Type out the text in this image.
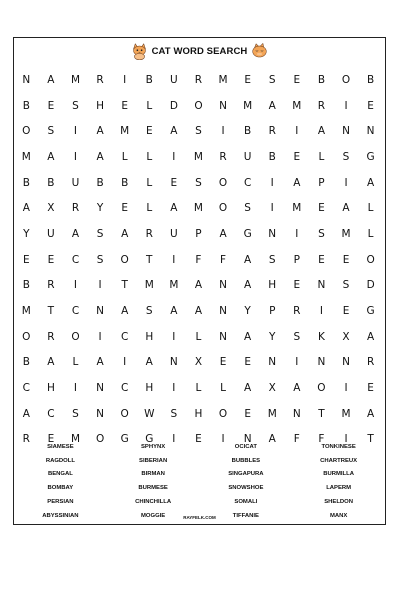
CAT WORD SEARCH
N	A	M	R	I	B	U	R	M	E	S	E	B	O	B
B	E	S	H	E	L	D	O	N	M	A	M	R	I	E
O	S	I	A	M	E	A	S	I	B	R	I	A	N	N
M	A	I	A	L	L	I	M	R	U	B	E	L	S	G
B	B	U	B	B	L	E	S	O	C	I	A	P	I	A
A	X	R	Y	E	L	A	M	O	S	I	M	E	A	L
Y	U	A	S	A	R	U	P	A	G	N	I	S	M	L
E	E	C	S	O	T	I	F	F	A	S	P	E	E	O
B	R	I	I	T	M	M	A	N	A	H	E	N	S	D
M	T	C	N	A	S	A	A	N	Y	P	R	I	E	G
O	R	O	I	C	H	I	L	N	A	Y	S	K	X	A
B	A	L	A	I	A	N	X	E	E	N	I	N	N	R
C	H	I	N	C	H	I	L	L	A	X	A	O	I	E
A	C	S	N	O	W	S	H	O	E	M	N	T	M	A
R	E	M	O	G	G	I	E	I	N	A	F	F	I	T
SIAMESE	SPHYNX	OCICAT	TONKINESE
RAGDOLL	SIBERIAN	BUBBLES	CHARTREUX
BENGAL	BIRMAN	SINGAPURA	BURMILLA
BOMBAY	BURMESE	SNOWSHOE	LAPERM
PERSIAN	CHINCHILLA	SOMALI	SHELDON
ABYSSINIAN	MOGGIE	TIFFANIE	MANX
RAYFELK.COM
